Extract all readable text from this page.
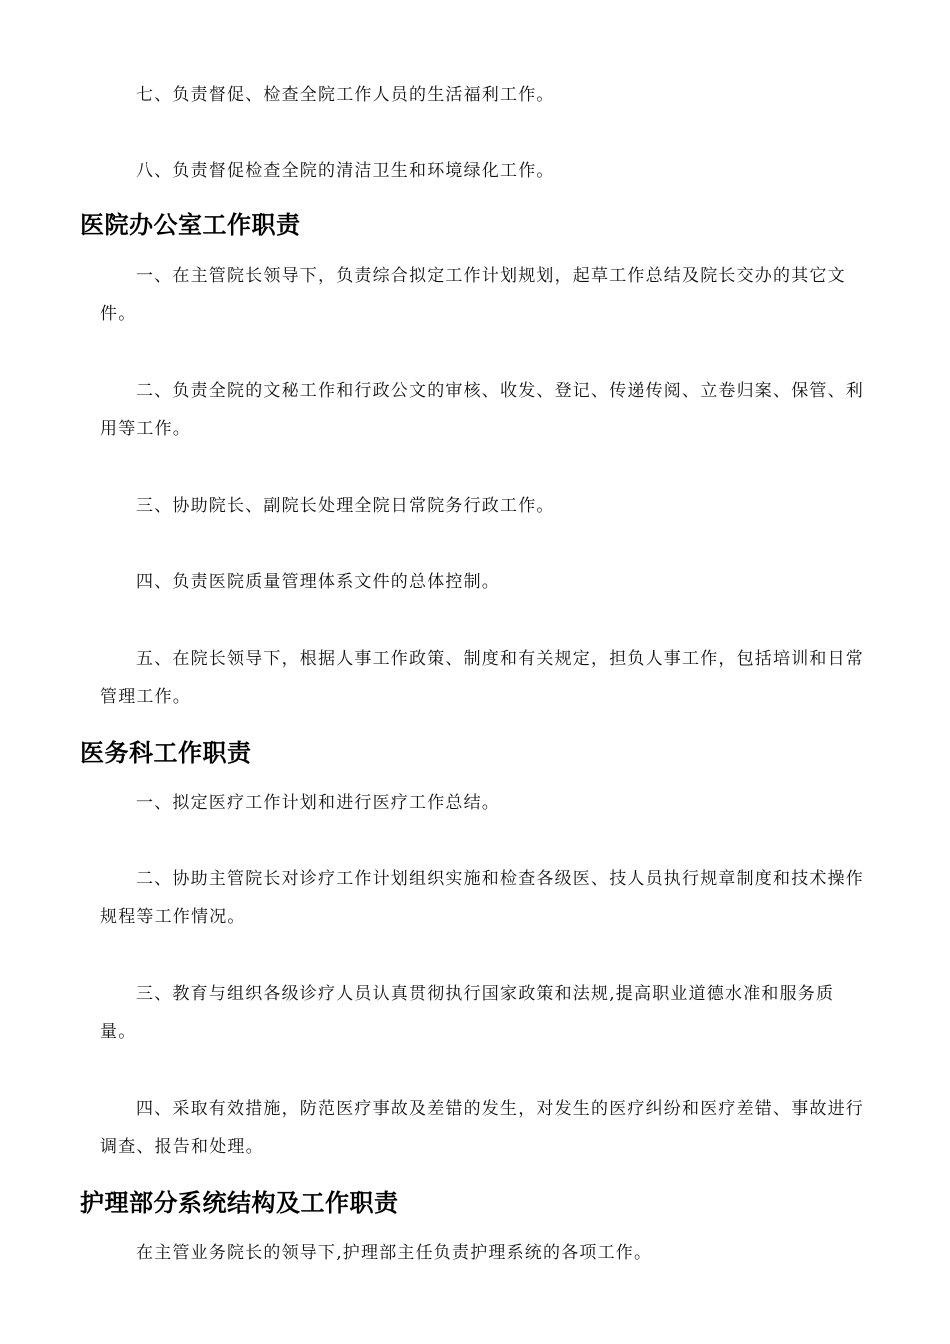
七、负责督促、检查全院工作人员的生活福利工作。

八、负责督促检查全院的清洁卫生和环境绿化工作。

医院办公室工作职责

一、在主管院长领导下，负责综合拟定工作计划规划，起草工作总结及院长交办的其它文件。

二、负责全院的文秘工作和行政公文的审核、收发、登记、传递传阅、立卷归案、保管、利用等工作。

三、协助院长、副院长处理全院日常院务行政工作。

四、负责医院质量管理体系文件的总体控制。

五、在院长领导下，根据人事工作政策、制度和有关规定，担负人事工作，包括培训和日常管理工作。

医务科工作职责

一、拟定医疗工作计划和进行医疗工作总结。

二、协助主管院长对诊疗工作计划组织实施和检查各级医、技人员执行规章制度和技术操作规程等工作情况。

三、教育与组织各级诊疗人员认真贯彻执行国家政策和法规,提高职业道德水准和服务质量。

四、采取有效措施，防范医疗事故及差错的发生，对发生的医疗纠纷和医疗差错、事故进行调查、报告和处理。

护理部分系统结构及工作职责

在主管业务院长的领导下,护理部主任负责护理系统的各项工作。
